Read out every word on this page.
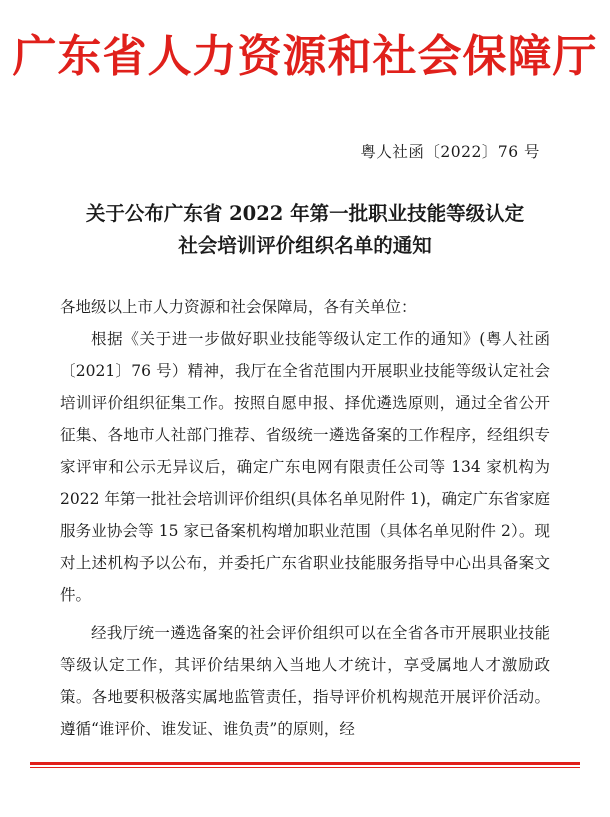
广东省人力资源和社会保障厅
粤人社函〔2022〕76 号
关于公布广东省 2022 年第一批职业技能等级认定
社会培训评价组织名单的通知

各地级以上市人力资源和社会保障局，各有关单位：

根据《关于进一步做好职业技能等级认定工作的通知》(粤人社函〔2021〕76 号）精神，我厅在全省范围内开展职业技能等级认定社会培训评价组织征集工作。按照自愿申报、择优遴选原则，通过全省公开征集、各地市人社部门推荐、省级统一遴选备案的工作程序，经组织专家评审和公示无异议后，确定广东电网有限责任公司等 134 家机构为 2022 年第一批社会培训评价组织(具体名单见附件 1)，确定广东省家庭服务业协会等 15 家已备案机构增加职业范围（具体名单见附件 2）。现对上述机构予以公布，并委托广东省职业技能服务指导中心出具备案文件。

经我厅统一遴选备案的社会评价组织可以在全省各市开展职业技能等级认定工作，其评价结果纳入当地人才统计，享受属地人才激励政策。各地要积极落实属地监管责任，指导评价机构规范开展评价活动。遵循“谁评价、谁发证、谁负责”的原则，经
